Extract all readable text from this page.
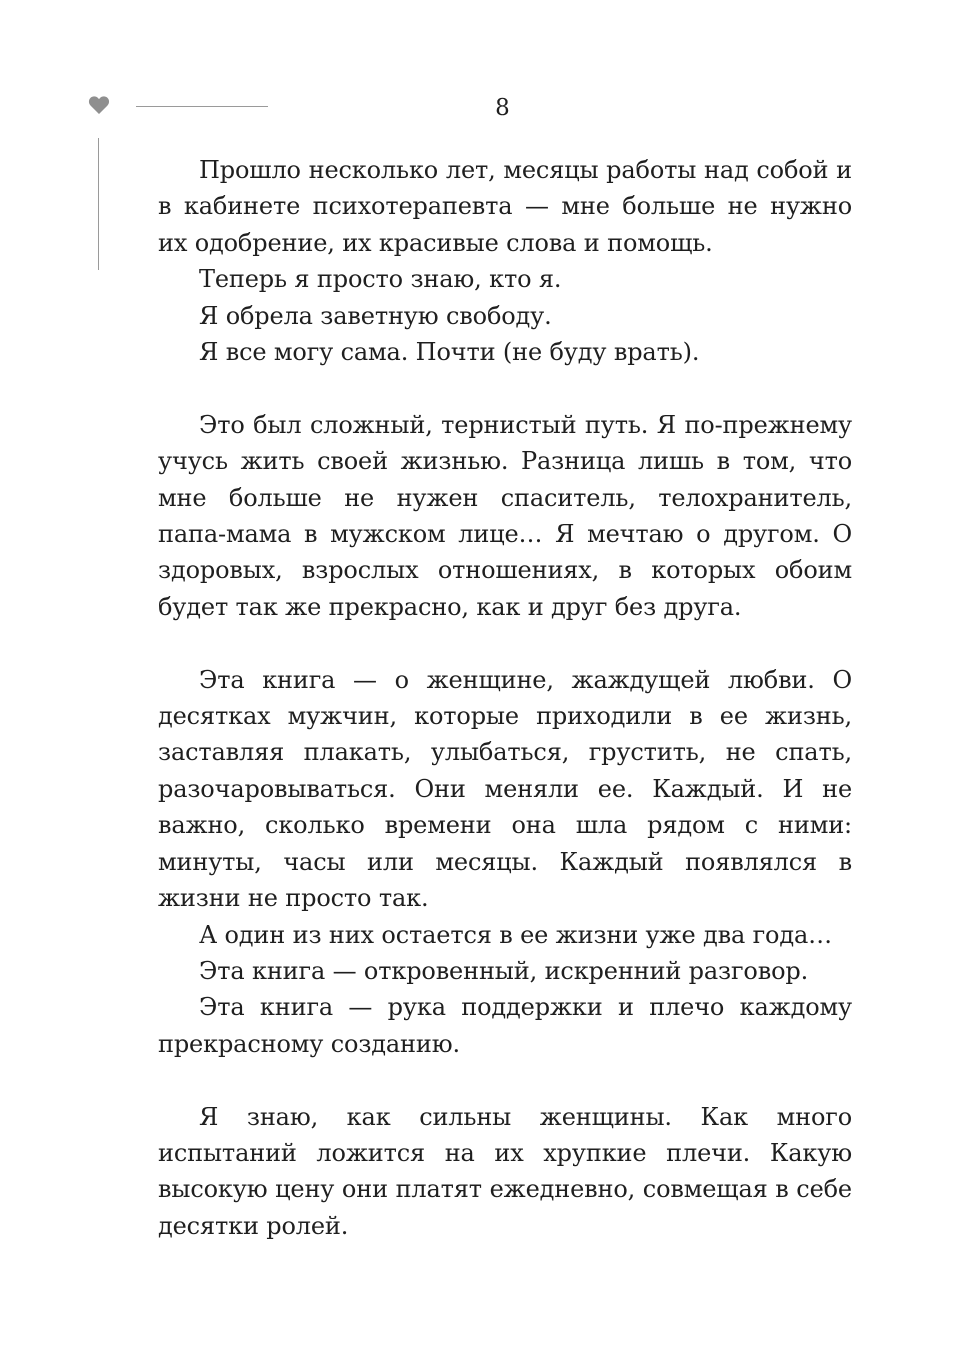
8

Прошло несколько лет, месяцы работы над собой и в кабинете психотерапевта — мне больше не нужно их одобрение, их красивые слова и помощь.

Теперь я просто знаю, кто я.

Я обрела заветную свободу.

Я все могу сама. Почти (не буду врать).

Это был сложный, тернистый путь. Я по-прежнему учусь жить своей жизнью. Разница лишь в том, что мне больше не нужен спаситель, телохранитель, папа-мама в мужском лице… Я мечтаю о другом. О здоровых, взрослых отношениях, в которых обоим будет так же прекрасно, как и друг без друга.

Эта книга — о женщине, жаждущей любви. О десятках мужчин, которые приходили в ее жизнь, заставляя плакать, улыбаться, грустить, не спать, разочаровываться. Они меняли ее. Каждый. И не важно, сколько времени она шла рядом с ними: минуты, часы или месяцы. Каждый появлялся в жизни не просто так.

А один из них остается в ее жизни уже два года…

Эта книга — откровенный, искренний разговор.

Эта книга — рука поддержки и плечо каждому прекрасному созданию.

Я знаю, как сильны женщины. Как много испытаний ложится на их хрупкие плечи. Какую высокую цену они платят ежедневно, совмещая в себе десятки ролей.
